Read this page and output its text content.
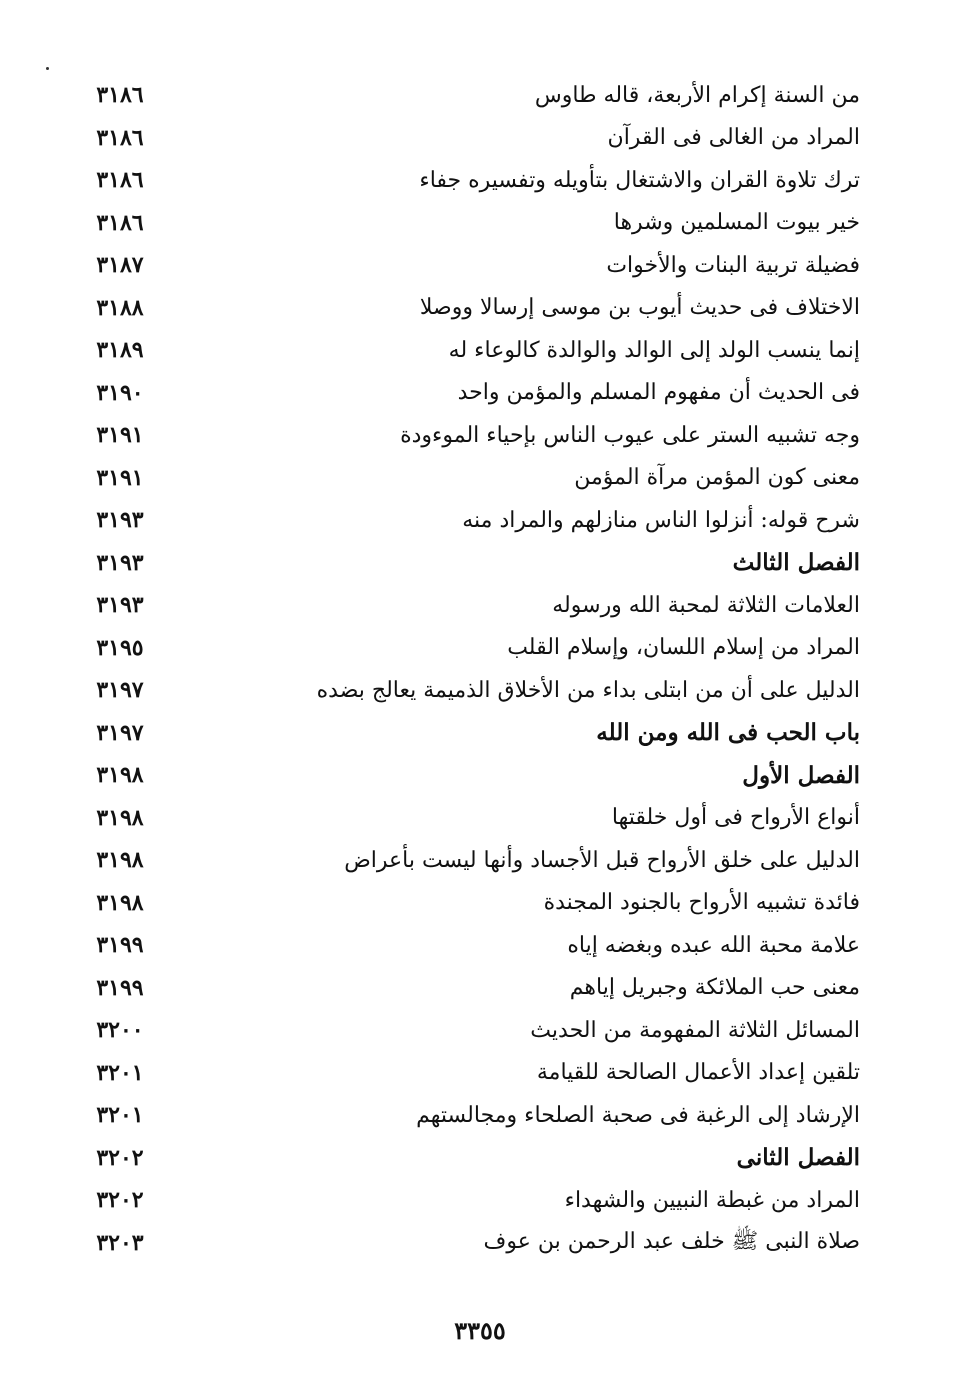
من السنة إكرام الأربعة، قاله طاوس
٣١٨٦
المراد من الغالى فى القرآن
٣١٨٦
ترك تلاوة القران والاشتغال بتأويله وتفسيره جفاء
٣١٨٦
خير بيوت المسلمين وشرها
٣١٨٦
فضيلة تربية البنات والأخوات
٣١٨٧
الاختلاف فى حديث أيوب بن موسى إرسالا ووصلا
٣١٨٨
إنما ينسب الولد إلى الوالد والوالدة كالوعاء له
٣١٨٩
فى الحديث أن مفهوم المسلم والمؤمن واحد
٣١٩٠
وجه تشبيه الستر على عيوب الناس بإحياء الموءودة
٣١٩١
معنى كون المؤمن مرآة المؤمن
٣١٩١
شرح قوله: أنزلوا الناس منازلهم والمراد منه
٣١٩٣
الفصل الثالث
٣١٩٣
العلامات الثلاثة لمحبة الله ورسوله
٣١٩٣
المراد من إسلام اللسان، وإسلام القلب
٣١٩٥
الدليل على أن من ابتلى بداء من الأخلاق الذميمة يعالج بضده
٣١٩٧
باب الحب فى الله ومن الله
٣١٩٧
الفصل الأول
٣١٩٨
أنواع الأرواح فى أول خلقتها
٣١٩٨
الدليل على خلق الأرواح قبل الأجساد وأنها ليست بأعراض
٣١٩٨
فائدة تشبيه الأرواح بالجنود المجندة
٣١٩٨
علامة محبة الله عبده وبغضه إياه
٣١٩٩
معنى حب الملائكة وجبريل إياهم
٣١٩٩
المسائل الثلاثة المفهومة من الحديث
٣٢٠٠
تلقين إعداد الأعمال الصالحة للقيامة
٣٢٠١
الإرشاد إلى الرغبة فى صحبة الصلحاء ومجالستهم
٣٢٠١
الفصل الثانى
٣٢٠٢
المراد من غبطة النبيين والشهداء
٣٢٠٢
صلاة النبى ﷺ خلف عبد الرحمن بن عوف
٣٢٠٣
٣٣٥٥
